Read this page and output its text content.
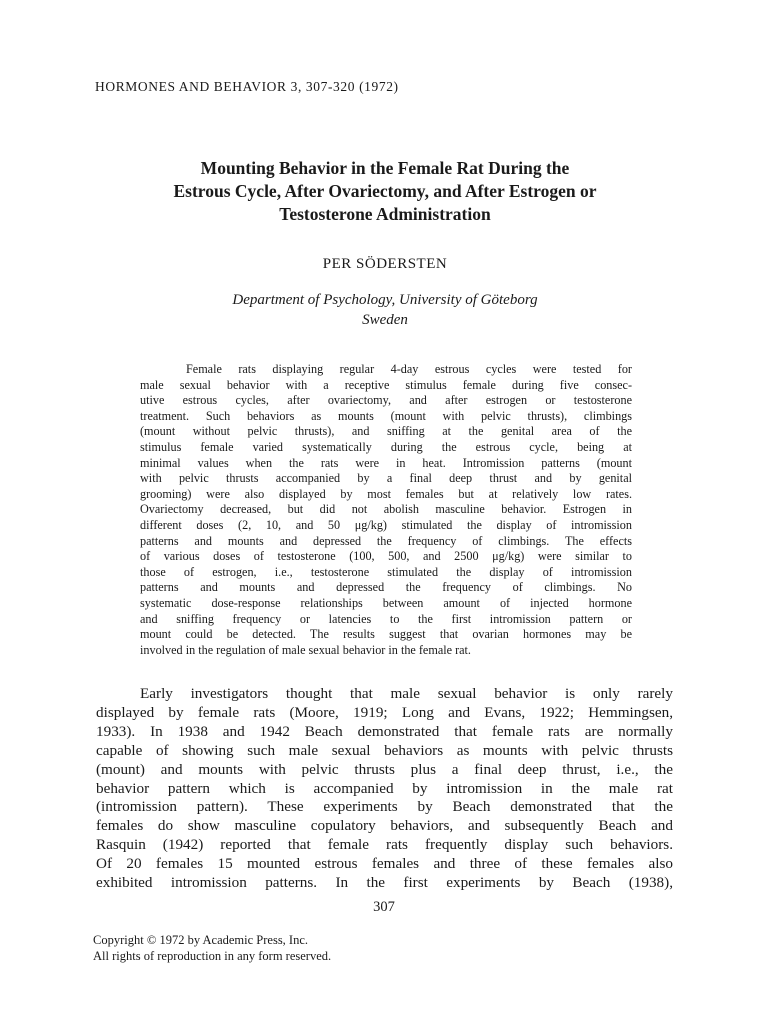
HORMONES AND BEHAVIOR 3, 307-320 (1972)
Mounting Behavior in the Female Rat During the
Estrous Cycle, After Ovariectomy, and After Estrogen or
Testosterone Administration
PER SÖDERSTEN
Department of Psychology, University of Göteborg
Sweden
Female rats displaying regular 4-day estrous cycles were tested for
male sexual behavior with a receptive stimulus female during five consec-
utive estrous cycles, after ovariectomy, and after estrogen or testosterone
treatment. Such behaviors as mounts (mount with pelvic thrusts), climbings
(mount without pelvic thrusts), and sniffing at the genital area of the
stimulus female varied systematically during the estrous cycle, being at
minimal values when the rats were in heat. Intromission patterns (mount
with pelvic thrusts accompanied by a final deep thrust and by genital
grooming) were also displayed by most females but at relatively low rates.
Ovariectomy decreased, but did not abolish masculine behavior. Estrogen in
different doses (2, 10, and 50 μg/kg) stimulated the display of intromission
patterns and mounts and depressed the frequency of climbings. The effects
of various doses of testosterone (100, 500, and 2500 μg/kg) were similar to
those of estrogen, i.e., testosterone stimulated the display of intromission
patterns and mounts and depressed the frequency of climbings. No
systematic dose-response relationships between amount of injected hormone
and sniffing frequency or latencies to the first intromission pattern or
mount could be detected. The results suggest that ovarian hormones may be
involved in the regulation of male sexual behavior in the female rat.
Early investigators thought that male sexual behavior is only rarely
displayed by female rats (Moore, 1919; Long and Evans, 1922; Hemmingsen,
1933). In 1938 and 1942 Beach demonstrated that female rats are normally
capable of showing such male sexual behaviors as mounts with pelvic thrusts
(mount) and mounts with pelvic thrusts plus a final deep thrust, i.e., the
behavior pattern which is accompanied by intromission in the male rat
(intromission pattern). These experiments by Beach demonstrated that the
females do show masculine copulatory behaviors, and subsequently Beach and
Rasquin (1942) reported that female rats frequently display such behaviors.
Of 20 females 15 mounted estrous females and three of these females also
exhibited intromission patterns. In the first experiments by Beach (1938),
307
Copyright © 1972 by Academic Press, Inc.
All rights of reproduction in any form reserved.
